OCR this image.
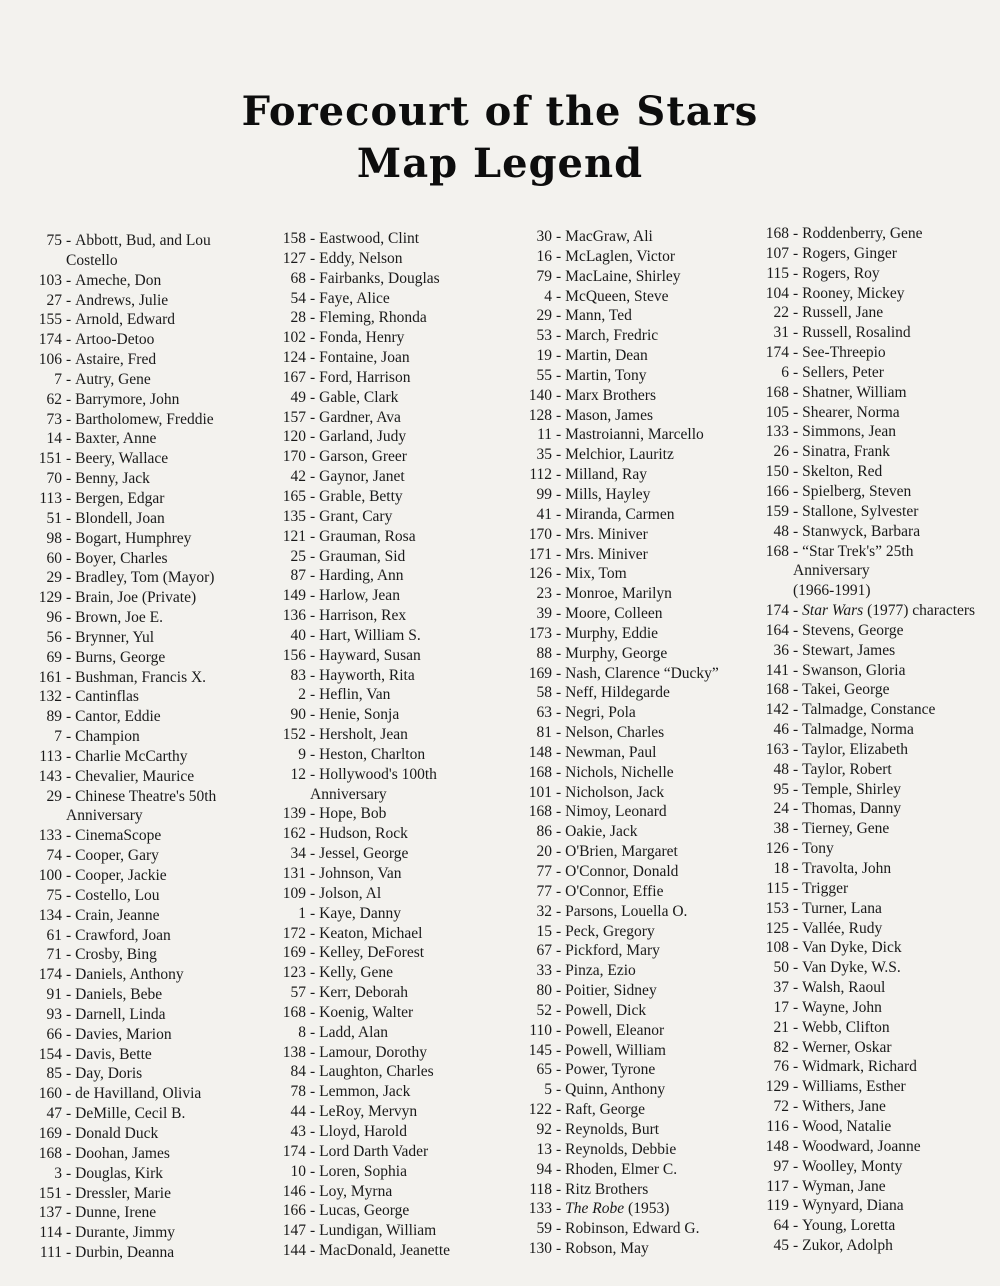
Forecourt of the Stars
Map Legend
75 - Abbott, Bud, and Lou
Costello
103 - Ameche, Don
27 - Andrews, Julie
155 - Arnold, Edward
174 - Artoo-Detoo
106 - Astaire, Fred
7 - Autry, Gene
62 - Barrymore, John
73 - Bartholomew, Freddie
14 - Baxter, Anne
151 - Beery, Wallace
70 - Benny, Jack
113 - Bergen, Edgar
51 - Blondell, Joan
98 - Bogart, Humphrey
60 - Boyer, Charles
29 - Bradley, Tom (Mayor)
129 - Brain, Joe (Private)
96 - Brown, Joe E.
56 - Brynner, Yul
69 - Burns, George
161 - Bushman, Francis X.
132 - Cantinflas
89 - Cantor, Eddie
7 - Champion
113 - Charlie McCarthy
143 - Chevalier, Maurice
29 - Chinese Theatre's 50th
Anniversary
133 - CinemaScope
74 - Cooper, Gary
100 - Cooper, Jackie
75 - Costello, Lou
134 - Crain, Jeanne
61 - Crawford, Joan
71 - Crosby, Bing
174 - Daniels, Anthony
91 - Daniels, Bebe
93 - Darnell, Linda
66 - Davies, Marion
154 - Davis, Bette
85 - Day, Doris
160 - de Havilland, Olivia
47 - DeMille, Cecil B.
169 - Donald Duck
168 - Doohan, James
3 - Douglas, Kirk
151 - Dressler, Marie
137 - Dunne, Irene
114 - Durante, Jimmy
111 - Durbin, Deanna
158 - Eastwood, Clint
127 - Eddy, Nelson
68 - Fairbanks, Douglas
54 - Faye, Alice
28 - Fleming, Rhonda
102 - Fonda, Henry
124 - Fontaine, Joan
167 - Ford, Harrison
49 - Gable, Clark
157 - Gardner, Ava
120 - Garland, Judy
170 - Garson, Greer
42 - Gaynor, Janet
165 - Grable, Betty
135 - Grant, Cary
121 - Grauman, Rosa
25 - Grauman, Sid
87 - Harding, Ann
149 - Harlow, Jean
136 - Harrison, Rex
40 - Hart, William S.
156 - Hayward, Susan
83 - Hayworth, Rita
2 - Heflin, Van
90 - Henie, Sonja
152 - Hersholt, Jean
9 - Heston, Charlton
12 - Hollywood's 100th
Anniversary
139 - Hope, Bob
162 - Hudson, Rock
34 - Jessel, George
131 - Johnson, Van
109 - Jolson, Al
1 - Kaye, Danny
172 - Keaton, Michael
169 - Kelley, DeForest
123 - Kelly, Gene
57 - Kerr, Deborah
168 - Koenig, Walter
8 - Ladd, Alan
138 - Lamour, Dorothy
84 - Laughton, Charles
78 - Lemmon, Jack
44 - LeRoy, Mervyn
43 - Lloyd, Harold
174 - Lord Darth Vader
10 - Loren, Sophia
146 - Loy, Myrna
166 - Lucas, George
147 - Lundigan, William
144 - MacDonald, Jeanette
30 - MacGraw, Ali
16 - McLaglen, Victor
79 - MacLaine, Shirley
4 - McQueen, Steve
29 - Mann, Ted
53 - March, Fredric
19 - Martin, Dean
55 - Martin, Tony
140 - Marx Brothers
128 - Mason, James
11 - Mastroianni, Marcello
35 - Melchior, Lauritz
112 - Milland, Ray
99 - Mills, Hayley
41 - Miranda, Carmen
170 - Mrs. Miniver
171 - Mrs. Miniver
126 - Mix, Tom
23 - Monroe, Marilyn
39 - Moore, Colleen
173 - Murphy, Eddie
88 - Murphy, George
169 - Nash, Clarence “Ducky”
58 - Neff, Hildegarde
63 - Negri, Pola
81 - Nelson, Charles
148 - Newman, Paul
168 - Nichols, Nichelle
101 - Nicholson, Jack
168 - Nimoy, Leonard
86 - Oakie, Jack
20 - O'Brien, Margaret
77 - O'Connor, Donald
77 - O'Connor, Effie
32 - Parsons, Louella O.
15 - Peck, Gregory
67 - Pickford, Mary
33 - Pinza, Ezio
80 - Poitier, Sidney
52 - Powell, Dick
110 - Powell, Eleanor
145 - Powell, William
65 - Power, Tyrone
5 - Quinn, Anthony
122 - Raft, George
92 - Reynolds, Burt
13 - Reynolds, Debbie
94 - Rhoden, Elmer C.
118 - Ritz Brothers
133 - The Robe (1953)
59 - Robinson, Edward G.
130 - Robson, May
168 - Roddenberry, Gene
107 - Rogers, Ginger
115 - Rogers, Roy
104 - Rooney, Mickey
22 - Russell, Jane
31 - Russell, Rosalind
174 - See-Threepio
6 - Sellers, Peter
168 - Shatner, William
105 - Shearer, Norma
133 - Simmons, Jean
26 - Sinatra, Frank
150 - Skelton, Red
166 - Spielberg, Steven
159 - Stallone, Sylvester
48 - Stanwyck, Barbara
168 - “Star Trek's” 25th
Anniversary
(1966-1991)
174 - Star Wars (1977) characters
164 - Stevens, George
36 - Stewart, James
141 - Swanson, Gloria
168 - Takei, George
142 - Talmadge, Constance
46 - Talmadge, Norma
163 - Taylor, Elizabeth
48 - Taylor, Robert
95 - Temple, Shirley
24 - Thomas, Danny
38 - Tierney, Gene
126 - Tony
18 - Travolta, John
115 - Trigger
153 - Turner, Lana
125 - Vallée, Rudy
108 - Van Dyke, Dick
50 - Van Dyke, W.S.
37 - Walsh, Raoul
17 - Wayne, John
21 - Webb, Clifton
82 - Werner, Oskar
76 - Widmark, Richard
129 - Williams, Esther
72 - Withers, Jane
116 - Wood, Natalie
148 - Woodward, Joanne
97 - Woolley, Monty
117 - Wyman, Jane
119 - Wynyard, Diana
64 - Young, Loretta
45 - Zukor, Adolph
